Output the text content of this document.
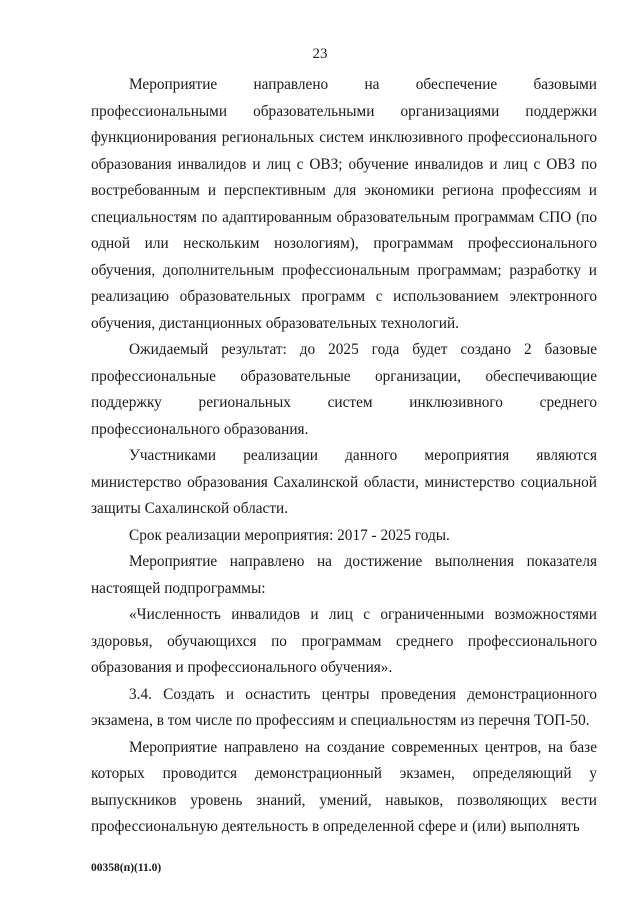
23

Мероприятие направлено на обеспечение базовыми профессиональными образовательными организациями поддержки функционирования региональных систем инклюзивного профессионального образования инвалидов и лиц с ОВЗ; обучение инвалидов и лиц с ОВЗ по востребованным и перспективным для экономики региона профессиям и специальностям по адаптированным образовательным программам СПО (по одной или нескольким нозологиям), программам профессионального обучения, дополнительным профессиональным программам; разработку и реализацию образовательных программ с использованием электронного обучения, дистанционных образовательных технологий.

Ожидаемый результат: до 2025 года будет создано 2 базовые профессиональные образовательные организации, обеспечивающие поддержку региональных систем инклюзивного среднего профессионального образования.

Участниками реализации данного мероприятия являются министерство образования Сахалинской области, министерство социальной защиты Сахалинской области.

Срок реализации мероприятия: 2017 - 2025 годы.

Мероприятие направлено на достижение выполнения показателя настоящей подпрограммы:

«Численность инвалидов и лиц с ограниченными возможностями здоровья, обучающихся по программам среднего профессионального образования и профессионального обучения».

3.4. Создать и оснастить центры проведения демонстрационного экзамена, в том числе по профессиям и специальностям из перечня ТОП-50.

Мероприятие направлено на создание современных центров, на базе которых проводится демонстрационный экзамен, определяющий у выпускников уровень знаний, умений, навыков, позволяющих вести профессиональную деятельность в определенной сфере и (или) выполнять

00358(п)(11.0)
